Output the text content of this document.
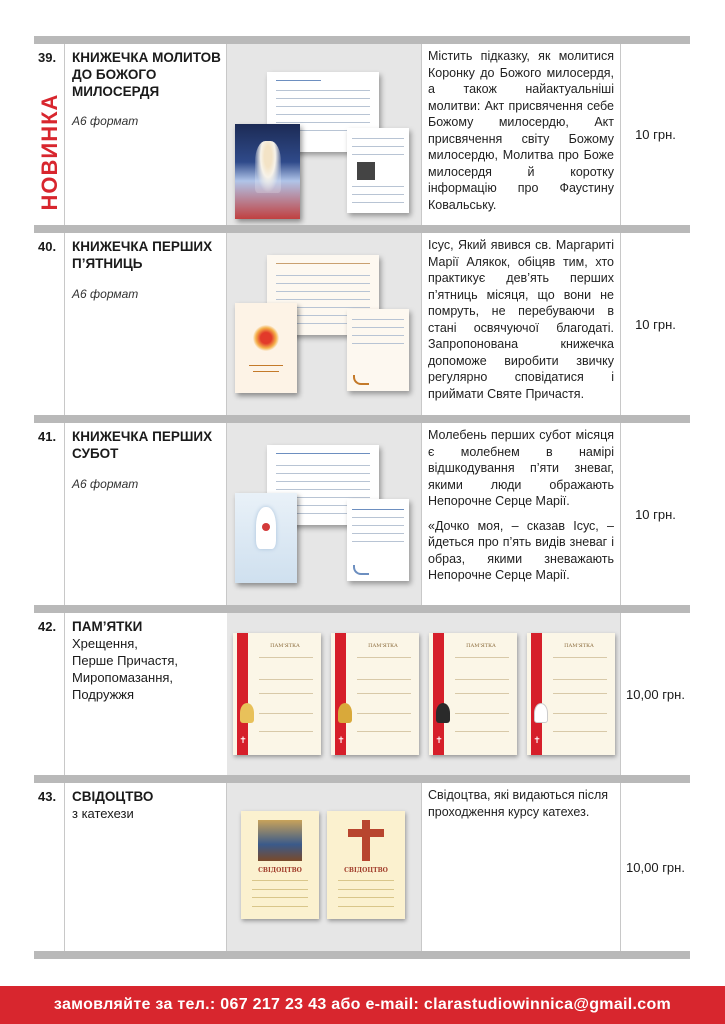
39.
НОВИНКА
КНИЖЕЧКА МОЛИТОВ ДО БОЖОГО МИЛОСЕРДЯ
А6 формат
Містить підказку, як молитися Коронку до Божого милосердя, а також найактуальніші молитви: Акт присвячення себе Божому милосердю, Акт присвячення світу Божому милосердю, Молитва про Боже милосердя й коротку інформацію про Фаустину Ковальську.
10 грн.
40. КНИЖЕЧКА ПЕРШИХ П’ЯТНИЦЬ
А6 формат
Ісус, Який явився св. Маргариті Марії Алякок, обіцяв тим, хто практикує дев’ять перших п’ятниць місяця, що вони не помруть, не перебуваючи в стані освячуючої благодаті. Запропонована книжечка допоможе виробити звичку регулярно сповідатися і приймати Святе Причастя.
10 грн.
41. КНИЖЕЧКА ПЕРШИХ СУБОТ
А6 формат

Молебень перших субот місяця є молебнем в намірі відшкодування п’яти зневаг, якими люди ображають Непорочне Серце Марії.

«Дочко моя, – сказав Ісус, – йдеться про п’ять видів зневаг і образ, якими зневажають Непорочне Серце Марії.

10 грн.
42. ПАМ’ЯТКИ
Хрещення,
Перше Причастя,
Миропомазання,
Подружжя
ПАМ'ЯТКА
✝
ПАМ'ЯТКА
✝
ПАМ'ЯТКА
✝
ПАМ'ЯТКА
✝
10,00 грн.
43. СВІДОЦТВО
з катехези
СВІДОЦТВО	СВІДОЦТВО
Свідоцтва, які видаються після проходження курсу катехез.
10,00 грн.
замовляйте за тел.: 067 217 23 43 або e-mail: clarastudiowinnica@gmail.com
